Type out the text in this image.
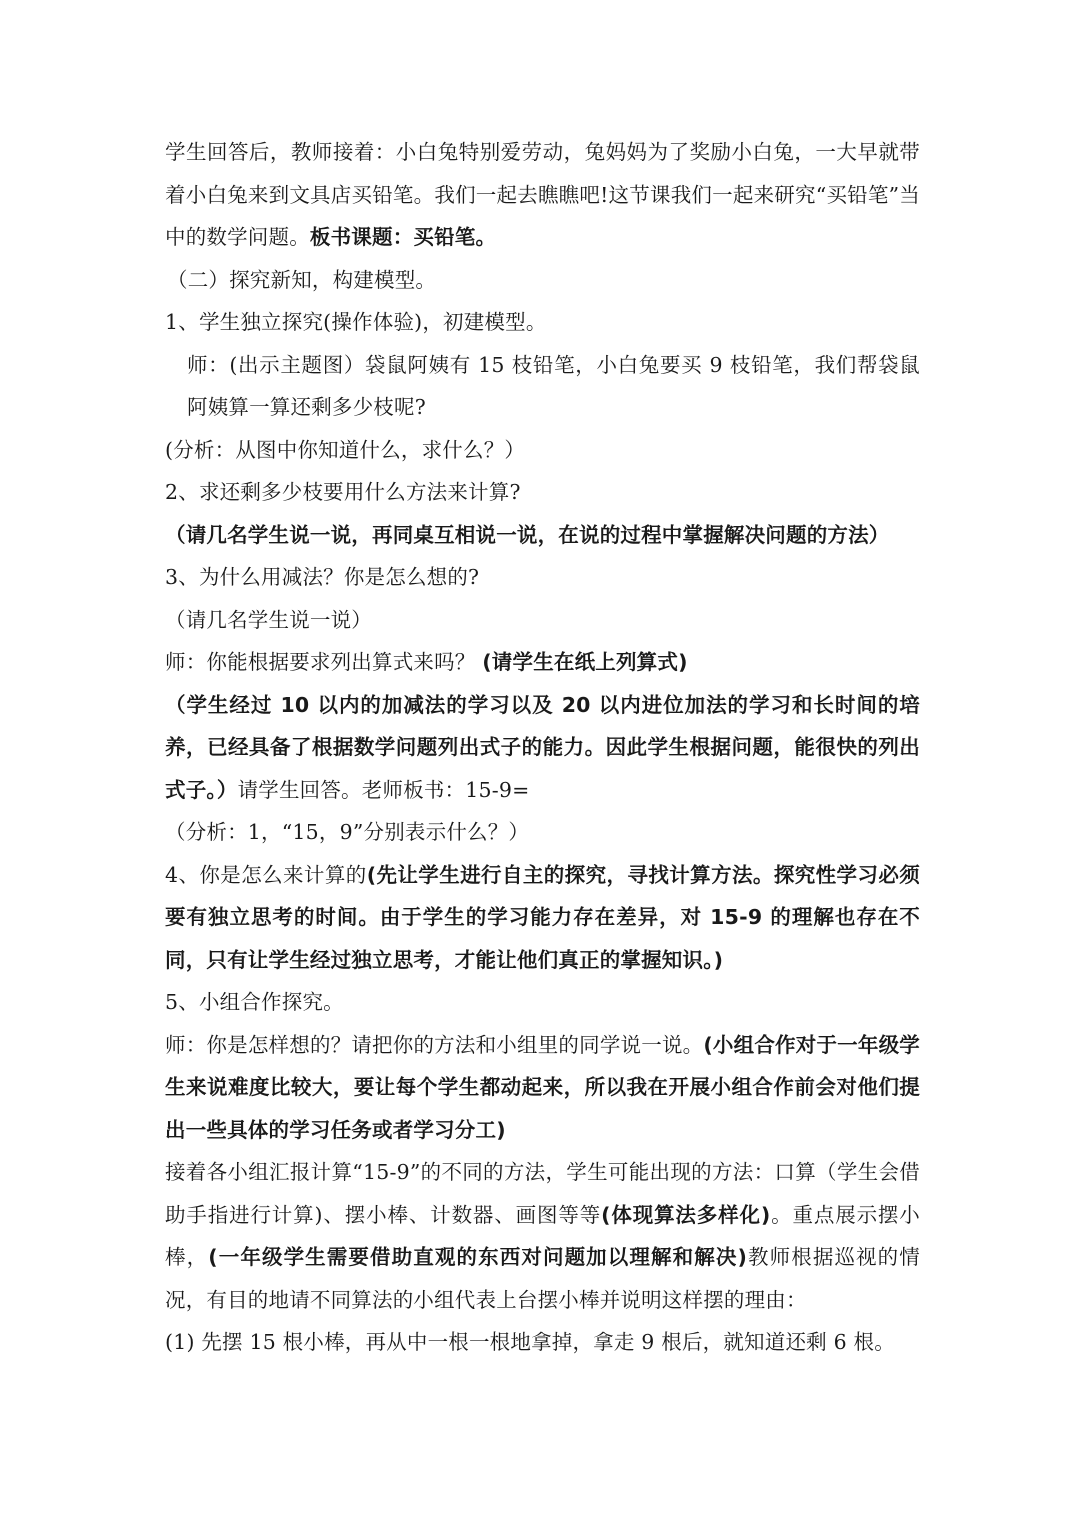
学生回答后，教师接着：小白兔特别爱劳动，兔妈妈为了奖励小白兔，一大早就带着小白兔来到文具店买铅笔。我们一起去瞧瞧吧!这节课我们一起来研究“买铅笔”当中的数学问题。板书课题：买铅笔。

（二）探究新知，构建模型。

1、学生独立探究(操作体验)，初建模型。

师：(出示主题图）袋鼠阿姨有 15 枝铅笔，小白兔要买 9 枝铅笔，我们帮袋鼠阿姨算一算还剩多少枝呢?

(分析：从图中你知道什么，求什么？）

2、求还剩多少枝要用什么方法来计算?

（请几名学生说一说，再同桌互相说一说，在说的过程中掌握解决问题的方法）

3、为什么用减法？你是怎么想的?

（请几名学生说一说）

师：你能根据要求列出算式来吗？ (请学生在纸上列算式)

（学生经过 10 以内的加减法的学习以及 20 以内进位加法的学习和长时间的培养，已经具备了根据数学问题列出式子的能力。因此学生根据问题，能很快的列出式子。）请学生回答。老师板书：15-9=

（分析：1，“15，9”分别表示什么？）

4、你是怎么来计算的(先让学生进行自主的探究，寻找计算方法。探究性学习必须要有独立思考的时间。由于学生的学习能力存在差异，对 15-9 的理解也存在不同，只有让学生经过独立思考，才能让他们真正的掌握知识。)

5、小组合作探究。

师：你是怎样想的？请把你的方法和小组里的同学说一说。(小组合作对于一年级学生来说难度比较大，要让每个学生都动起来，所以我在开展小组合作前会对他们提出一些具体的学习任务或者学习分工)

接着各小组汇报计算“15-9”的不同的方法，学生可能出现的方法：口算（学生会借助手指进行计算)、摆小棒、计数器、画图等等(体现算法多样化)。重点展示摆小棒，(一年级学生需要借助直观的东西对问题加以理解和解决)教师根据巡视的情况，有目的地请不同算法的小组代表上台摆小棒并说明这样摆的理由：

(1) 先摆 15 根小棒，再从中一根一根地拿掉，拿走 9 根后，就知道还剩 6 根。
